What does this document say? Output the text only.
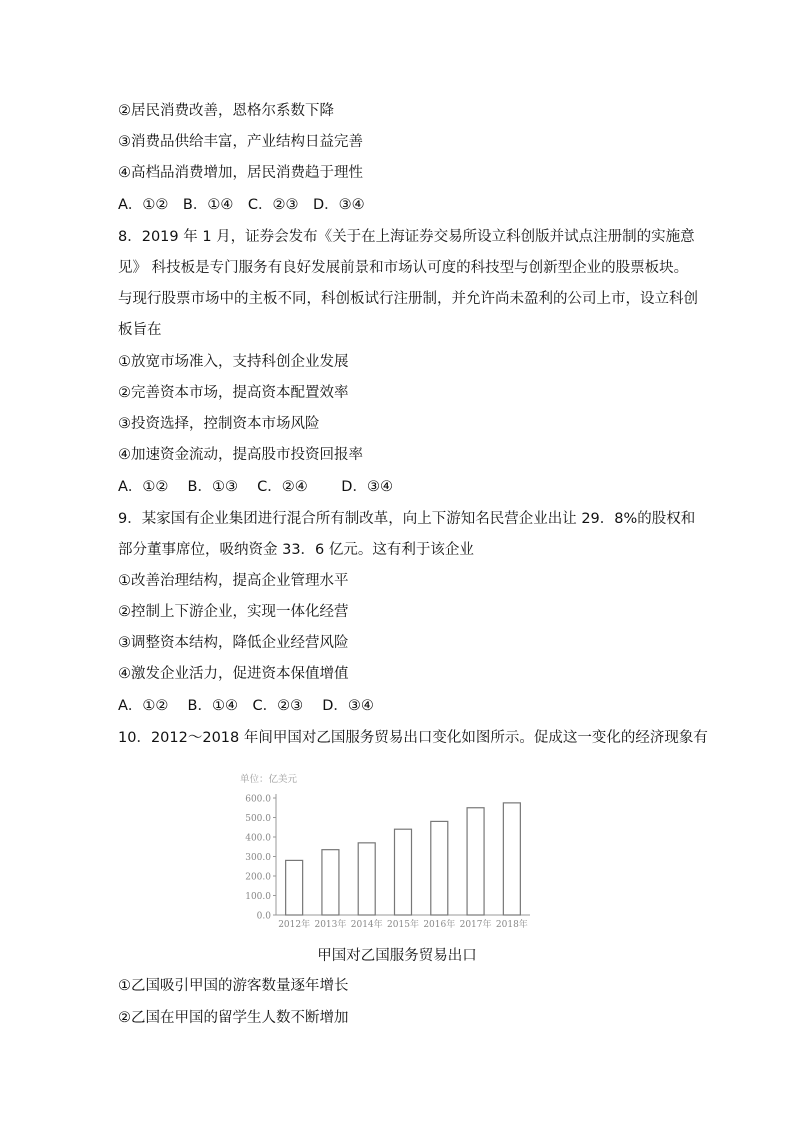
②居民消费改善，恩格尔系数下降
③消费品供给丰富，产业结构日益完善
④高档品消费增加，居民消费趋于理性
A．①②　B．①④　C．②③　D．③④
8．2019 年 1 月，证券会发布《关于在上海证券交易所设立科创版并试点注册制的实施意
见》 科技板是专门服务有良好发展前景和市场认可度的科技型与创新型企业的股票板块。
与现行股票市场中的主板不同，科创板试行注册制，并允许尚未盈利的公司上市，设立科创
板旨在
①放宽市场准入，支持科创企业发展
②完善资本市场，提高资本配置效率
③投资选择，控制资本市场风险
④加速资金流动，提高股市投资回报率
A．①②　 B．①③　 C．②④　　 D．③④
9．某家国有企业集团进行混合所有制改革，向上下游知名民营企业出让 29．8%的股权和
部分董事席位，吸纳资金 33．6 亿元。这有利于该企业
①改善治理结构，提高企业管理水平
②控制上下游企业，实现一体化经营
③调整资本结构，降低企业经营风险
④激发企业活力，促进资本保值增值
A．①②　 B．①④　C．②③　 D．③④
10．2012～2018 年间甲国对乙国服务贸易出口变化如图所示。促成这一变化的经济现象有
单位：亿美元
0.0
100.0
200.0
300.0
400.0
500.0
600.0
2012年 2013年 2014年 2015年 2016年 2017年 2018年
甲国对乙国服务贸易出口
①乙国吸引甲国的游客数量逐年增长
②乙国在甲国的留学生人数不断增加
